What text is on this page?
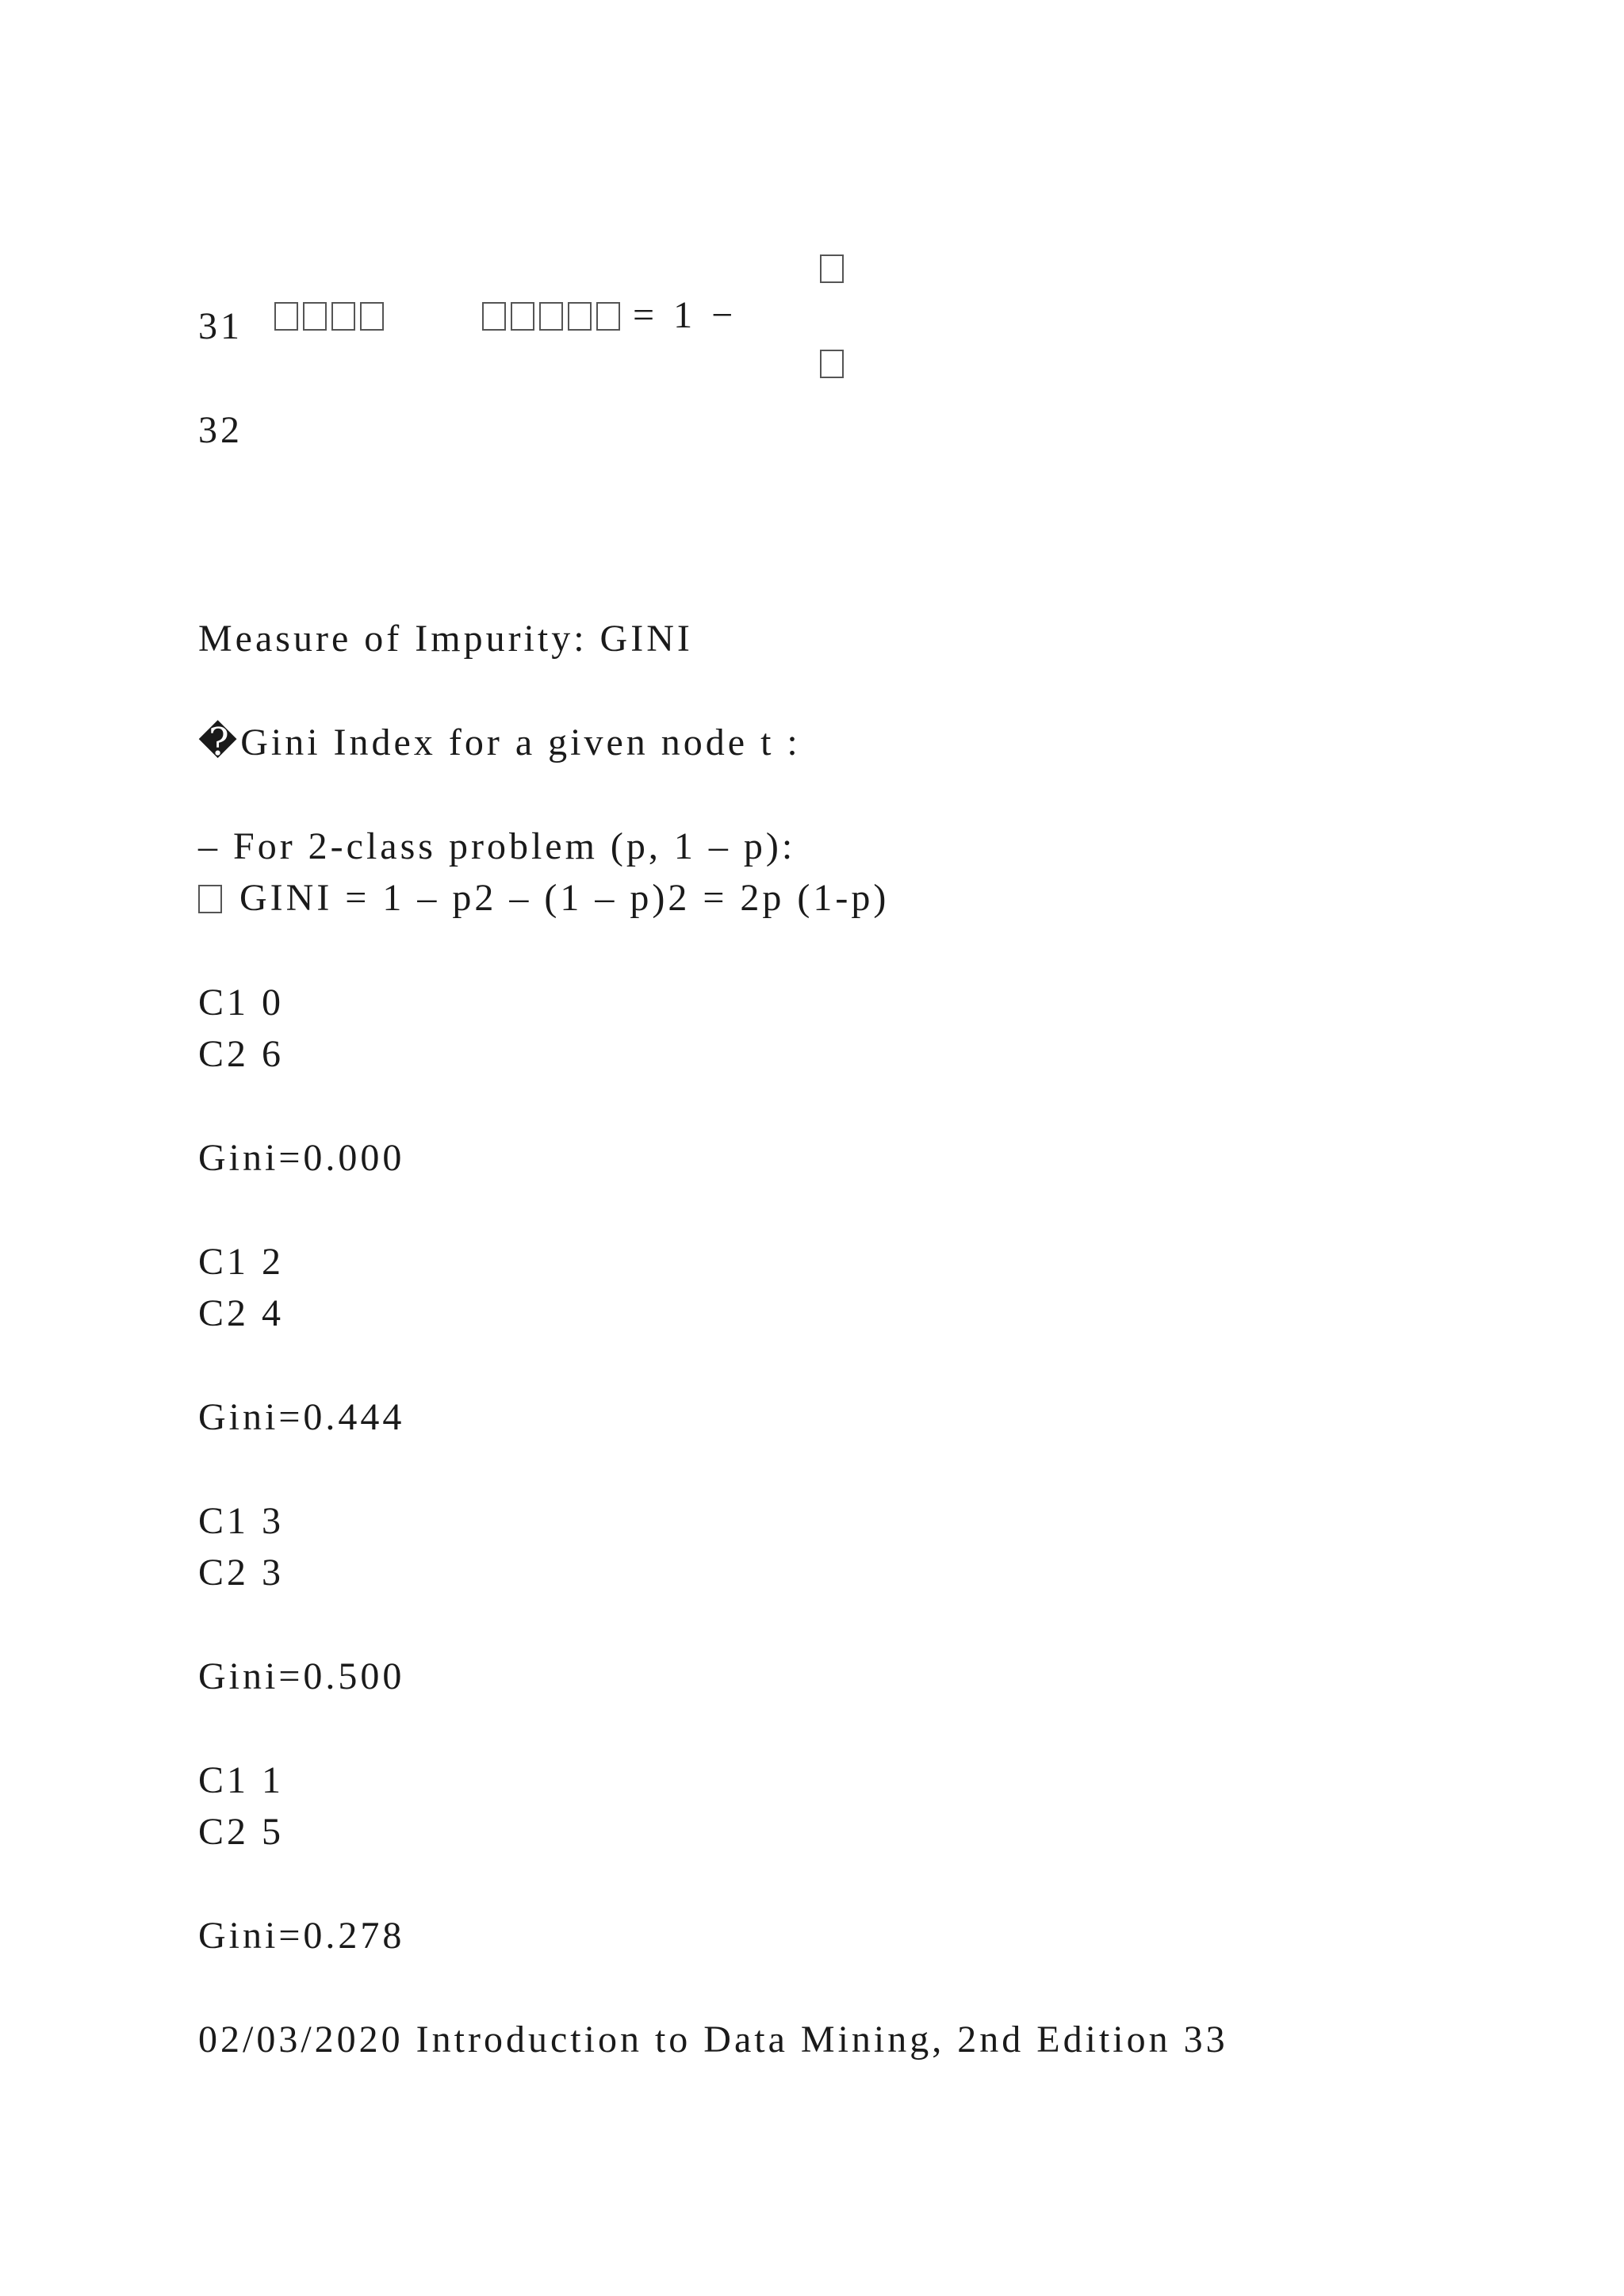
= 1 −

31

32

Measure of Impurity: GINI

�Gini Index for a given node t :

– For 2-class problem (p, 1 – p):

GINI = 1 – p2 – (1 – p)2 = 2p (1-p)

C1 0

C2 6

Gini=0.000

C1 2

C2 4

Gini=0.444

C1 3

C2 3

Gini=0.500

C1 1

C2 5

Gini=0.278

02/03/2020 Introduction to Data Mining, 2nd Edition 33
